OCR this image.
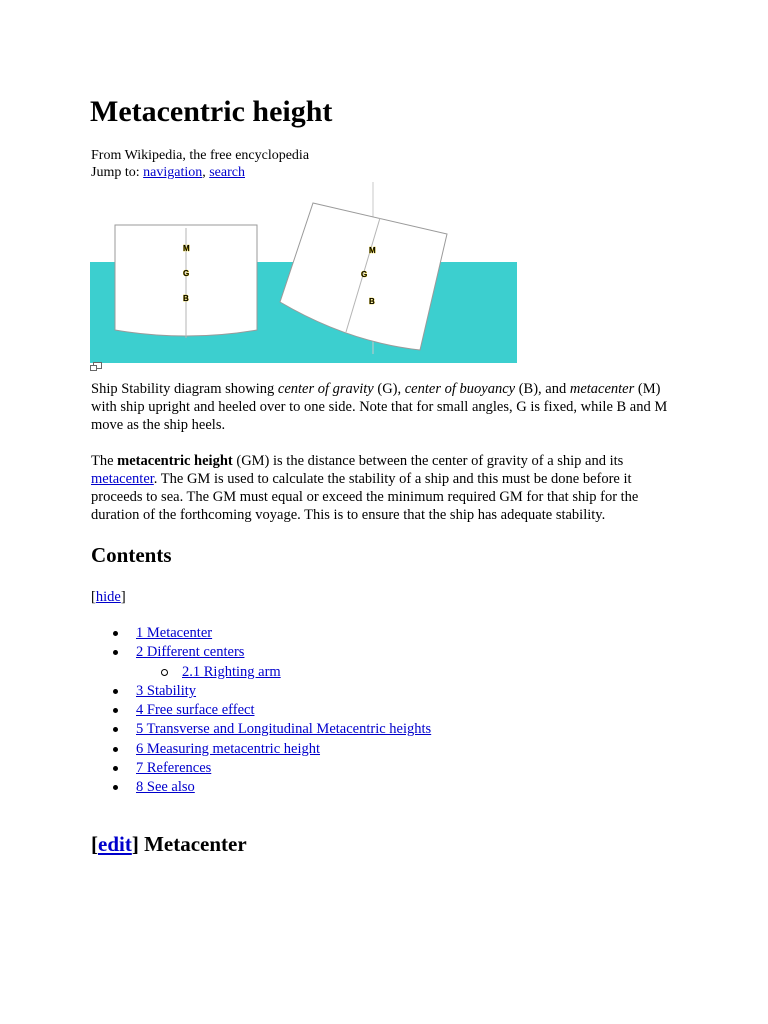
Metacentric height
From Wikipedia, the free encyclopedia
Jump to: navigation, search
M
G
B
M
G
B

Ship Stability diagram showing center of gravity (G), center of buoyancy (B), and metacenter (M) with ship upright and heeled over to one side. Note that for small angles, G is fixed, while B and M move as the ship heels.

The metacentric height (GM) is the distance between the center of gravity of a ship and its metacenter. The GM is used to calculate the stability of a ship and this must be done before it proceeds to sea. The GM must equal or exceed the minimum required GM for that ship for the duration of the forthcoming voyage. This is to ensure that the ship has adequate stability.

Contents
[hide]
1 Metacenter
2 Different centers
2.1 Righting arm
3 Stability
4 Free surface effect
5 Transverse and Longitudinal Metacentric heights
6 Measuring metacentric height
7 References
8 See also
[edit] Metacenter
